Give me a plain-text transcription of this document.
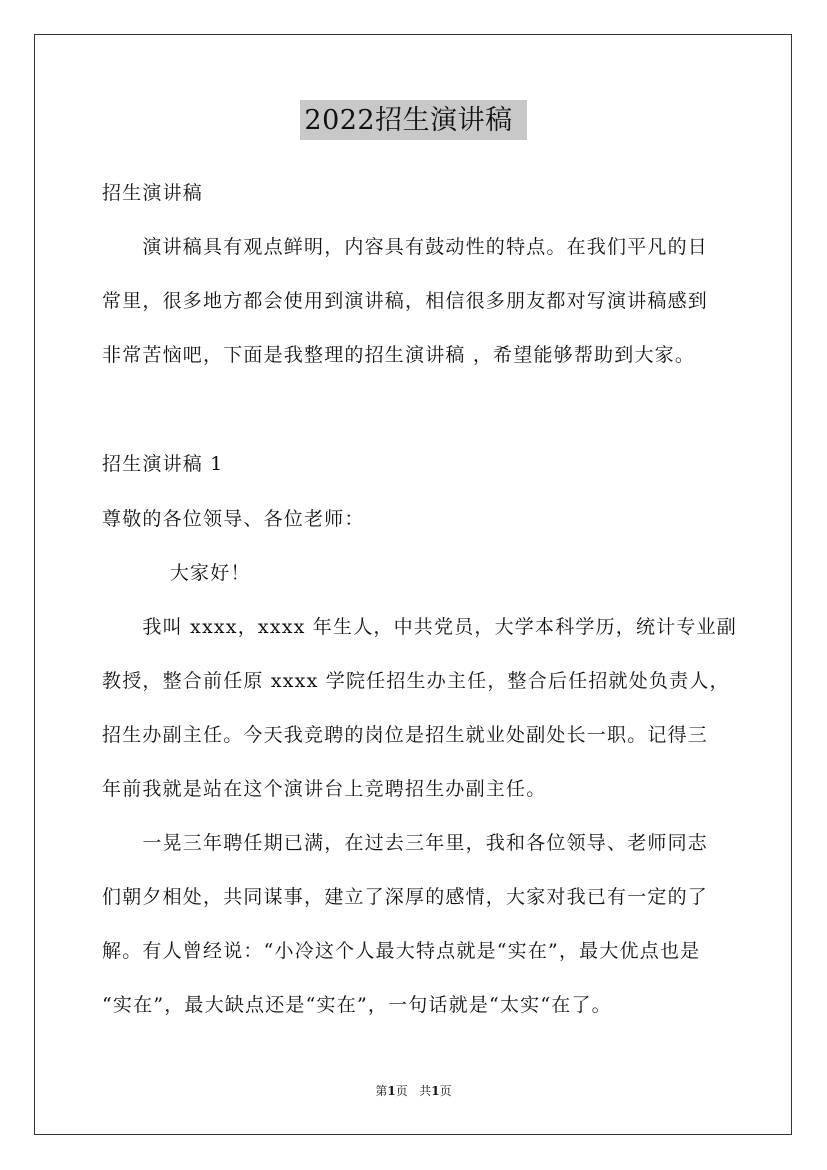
2022招生演讲稿
招生演讲稿
　　演讲稿具有观点鲜明，内容具有鼓动性的特点。在我们平凡的日
常里，很多地方都会使用到演讲稿，相信很多朋友都对写演讲稿感到
非常苦恼吧，下面是我整理的招生演讲稿 ，希望能够帮助到大家。
招生演讲稿 1
尊敬的各位领导、各位老师：
　　　 大家好！
　　我叫 xxxx，xxxx 年生人，中共党员，大学本科学历，统计专业副
教授，整合前任原 xxxx 学院任招生办主任，整合后任招就处负责人，
招生办副主任。今天我竞聘的岗位是招生就业处副处长一职。记得三
年前我就是站在这个演讲台上竞聘招生办副主任。
　　一晃三年聘任期已满，在过去三年里，我和各位领导、老师同志
们朝夕相处，共同谋事，建立了深厚的感情，大家对我已有一定的了
解。有人曾经说：“小冷这个人最大特点就是“实在”，最大优点也是
“实在”，最大缺点还是“实在”，一句话就是“太实“在了。
第1页 共1页
